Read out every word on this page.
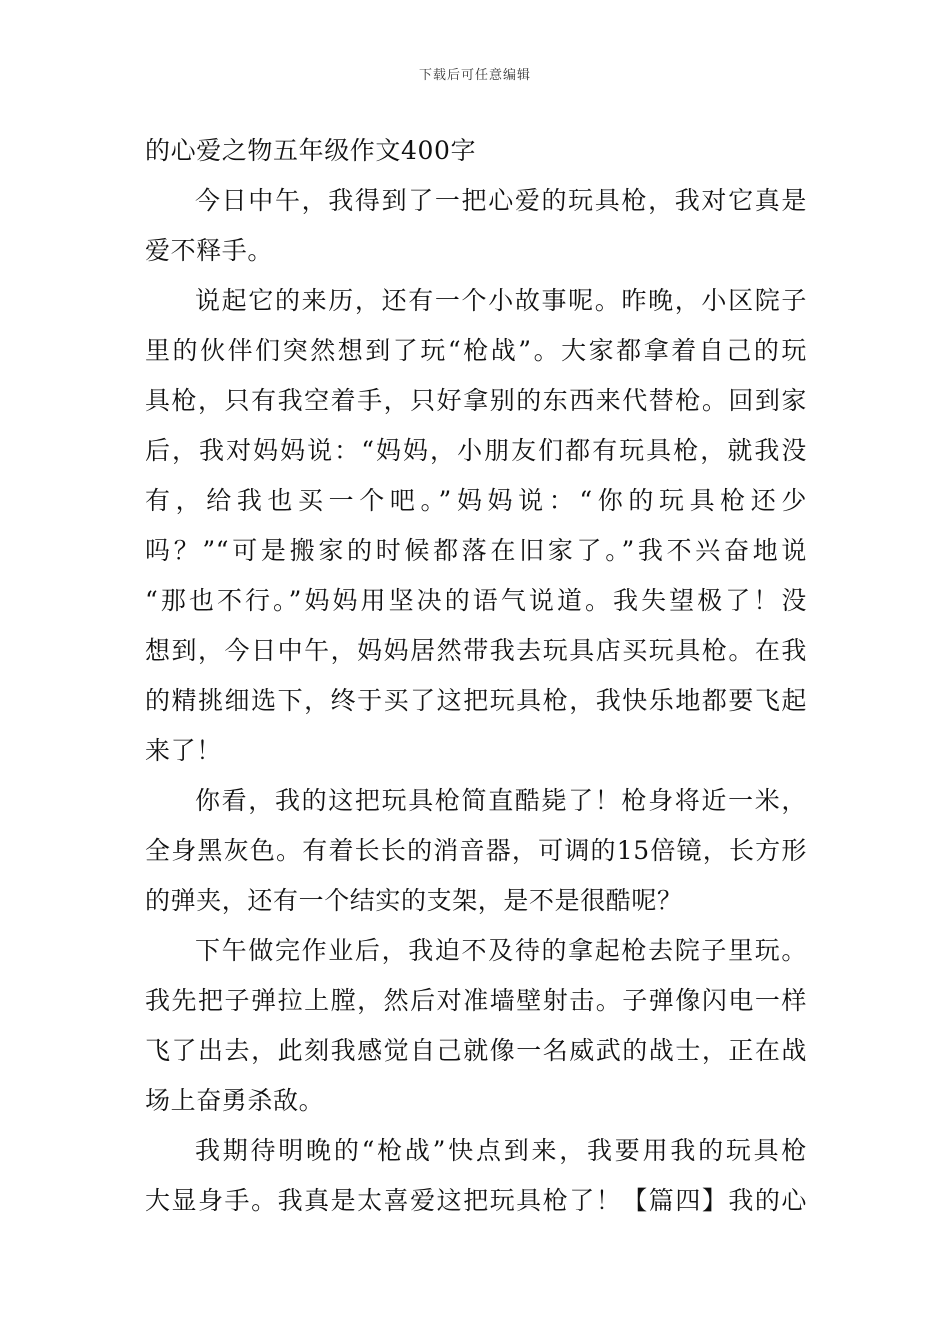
下载后可任意编辑
的心爱之物五年级作文400字
今日中午，我得到了一把心爱的玩具枪，我对它真是
爱不释手。
说起它的来历，还有一个小故事呢。昨晚，小区院子
里的伙伴们突然想到了玩“枪战”。大家都拿着自己的玩
具枪，只有我空着手，只好拿别的东西来代替枪。回到家
后，我对妈妈说：“妈妈，小朋友们都有玩具枪，就我没
有，给我也买一个吧。”妈妈说：“你的玩具枪还少
吗？”“可是搬家的时候都落在旧家了。”我不兴奋地说
“那也不行。”妈妈用坚决的语气说道。我失望极了！没
想到，今日中午，妈妈居然带我去玩具店买玩具枪。在我
的精挑细选下，终于买了这把玩具枪，我快乐地都要飞起
来了！
你看，我的这把玩具枪简直酷毙了！枪身将近一米，
全身黑灰色。有着长长的消音器，可调的15倍镜，长方形
的弹夹，还有一个结实的支架，是不是很酷呢？
下午做完作业后，我迫不及待的拿起枪去院子里玩。
我先把子弹拉上膛，然后对准墙壁射击。子弹像闪电一样
飞了出去，此刻我感觉自己就像一名威武的战士，正在战
场上奋勇杀敌。
我期待明晚的“枪战”快点到来，我要用我的玩具枪
大显身手。我真是太喜爱这把玩具枪了！【篇四】我的心
